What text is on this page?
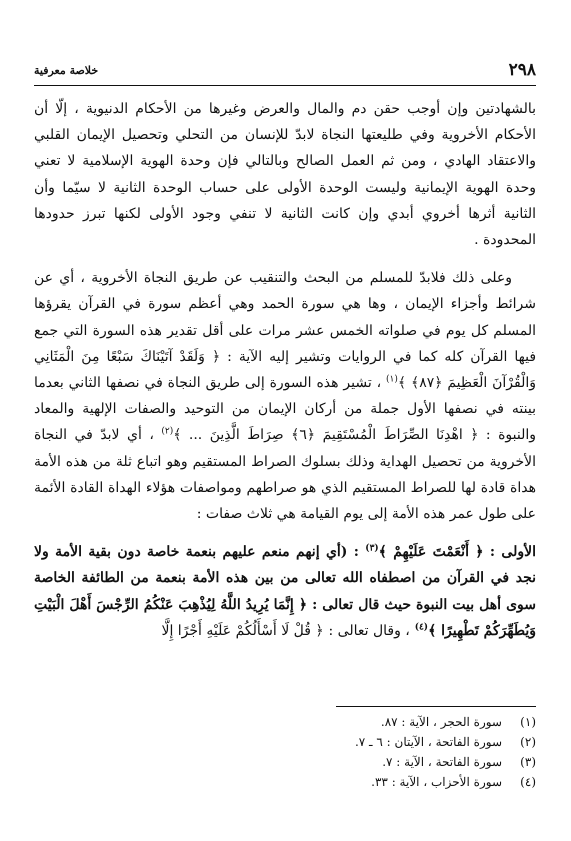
٢٩٨
خلاصة معرفية

بالشهادتين وإن أوجب حقن دم والمال والعرض وغيرها من الأحكام الدنيوية ، إلّا أن الأحكام الأخروية وفي طليعتها النجاة لابدّ للإنسان من التحلي وتحصيل الإيمان القلبي والاعتقاد الهادي ، ومن ثم العمل الصالح وبالتالي فإن وحدة الهوية الإسلامية لا تعني وحدة الهوية الإيمانية وليست الوحدة الأولى على حساب الوحدة الثانية لا سيّما وأن الثانية أثرها أخروي أبدي وإن كانت الثانية لا تنفي وجود الأولى لكنها تبرز حدودها المحدودة .

وعلى ذلك فلابدّ للمسلم من البحث والتنقيب عن طريق النجاة الأخروية ، أي عن شرائط وأجزاء الإيمان ، وها هي سورة الحمد وهي أعظم سورة في القرآن يقرؤها المسلم كل يوم في صلواته الخمس عشر مرات على أقل تقدير هذه السورة التي جمع فيها القرآن كله كما في الروايات وتشير إليه الآية : ﴿ وَلَقَدْ آتَيْنَاكَ سَبْعًا مِنَ الْمَثَانِي وَالْقُرْآنَ الْعَظِيمَ ﴿٨٧﴾ ﴾$^{(١)}$ ، تشير هذه السورة إلى طريق النجاة في نصفها الثاني بعدما بينته في نصفها الأول جملة من أركان الإيمان من التوحيد والصفات الإلهية والمعاد والنبوة : ﴿ اهْدِنَا الصِّرَاطَ الْمُسْتَقِيمَ ﴿٦﴾ صِرَاطَ الَّذِينَ ... ﴾$^{(٢)}$ ، أي لابدّ في النجاة الأخروية من تحصيل الهداية وذلك بسلوك الصراط المستقيم وهو اتباع ثلة من هذه الأمة هداة قادة لها للصراط المستقيم الذي هو صراطهم ومواصفات هؤلاء الهداة القادة الأئمة على طول عمر هذه الأمة إلى يوم القيامة هي ثلاث صفات :

الأولى : ﴿ أَنْعَمْتَ عَلَيْهِمْ ﴾$^{(٣)}$ : (أي إنهم منعم عليهم بنعمة خاصة دون بقية الأمة ولا نجد في القرآن من اصطفاه الله تعالى من بين هذه الأمة بنعمة من الطائفة الخاصة سوى أهل بيت النبوة حيث قال تعالى : ﴿ إِنَّمَا يُرِيدُ اللَّهُ لِيُذْهِبَ عَنْكُمُ الرِّجْسَ أَهْلَ الْبَيْتِ وَيُطَهِّرَكُمْ تَطْهِيرًا ﴾$^{(٤)}$ ، وقال تعالى : ﴿ قُلْ لَا أَسْأَلُكُمْ عَلَيْهِ أَجْرًا إِلَّا

(١)
سورة الحجر ، الآية : ٨٧.
(٢)
سورة الفاتحة ، الآيتان : ٦ ـ ٧.
(٣)
سورة الفاتحة ، الآية : ٧.
(٤)
سورة الأحزاب ، الآية : ٣٣.
